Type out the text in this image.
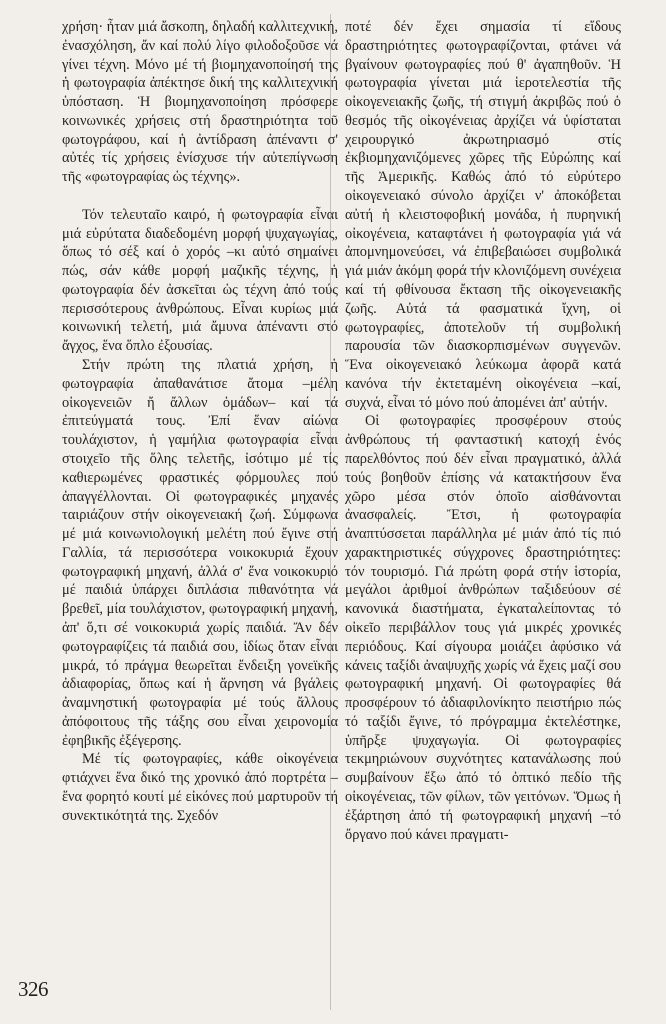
326

χρήση· ἦταν μιά ἄσκοπη, δηλαδή καλλιτεχνική, ἐνασχόληση, ἄν καί πολύ λίγο φιλοδοξοῦσε νά γίνει τέχνη. Μόνο μέ τή βιομηχανοποίησή της ἡ φωτογραφία ἀπέκτησε δική της καλλιτεχνική ὑπόσταση. Ἡ βιομηχανοποίηση πρόσφερε κοινωνικές χρήσεις στή δραστηριότητα τοῦ φωτογράφου, καί ἡ ἀντίδραση ἀπέναντι σ' αὐτές τίς χρήσεις ἐνίσχυσε τήν αὐτεπίγνωση τῆς «φωτογραφίας ὡς τέχνης».

Τόν τελευταῖο καιρό, ἡ φωτογραφία εἶναι μιά εὐρύτατα διαδεδομένη μορφή ψυχαγωγίας, ὅπως τό σέξ καί ὁ χορός –κι αὐτό σημαίνει πώς, σάν κάθε μορφή μαζικῆς τέχνης, ἡ φωτογραφία δέν ἀσκεῖται ὡς τέχνη ἀπό τούς περισσότερους ἀνθρώπους. Εἶναι κυρίως μιά κοινωνική τελετή, μιά ἄμυνα ἀπέναντι στό ἄγχος, ἕνα ὅπλο ἐξουσίας.

Στήν πρώτη της πλατιά χρήση, ἡ φωτογραφία ἀπαθανάτισε ἄτομα –μέλη οἰκογενειῶν ἤ ἄλλων ὁμάδων– καί τά ἐπιτεύγματά τους. Ἐπί ἕναν αἰώνα τουλάχιστον, ἡ γαμήλια φωτογραφία εἶναι στοιχεῖο τῆς ὅλης τελετῆς, ἰσότιμο μέ τίς καθιερωμένες φραστικές φόρμουλες πού ἀπαγγέλλονται. Οἱ φωτογραφικές μηχανές ταιριάζουν στήν οἰκογενειακή ζωή. Σύμφωνα μέ μιά κοινωνιολογική μελέτη πού ἔγινε στή Γαλλία, τά περισσότερα νοικοκυριά ἔχουν φωτογραφική μηχανή, ἀλλά σ' ἕνα νοικοκυριό μέ παιδιά ὑπάρχει διπλάσια πιθανότητα νά βρεθεῖ, μία τουλάχιστον, φωτογραφική μηχανή, ἀπ' ὅ,τι σέ νοικοκυριά χωρίς παιδιά. Ἄν δέν φωτογραφίζεις τά παιδιά σου, ἰδίως ὅταν εἶναι μικρά, τό πράγμα θεωρεῖται ἔνδειξη γονεϊκῆς ἀδιαφορίας, ὅπως καί ἡ ἄρνηση νά βγάλεις ἀναμνηστική φωτογραφία μέ τούς ἄλλους ἀπόφοιτους τῆς τάξης σου εἶναι χειρονομία ἐφηβικῆς ἐξέγερσης.

Μέ τίς φωτογραφίες, κάθε οἰκογένεια φτιάχνει ἕνα δικό της χρονικό ἀπό πορτρέτα –ἕνα φορητό κουτί μέ εἰκόνες πού μαρτυροῦν τή συνεκτικότητά της. Σχεδόν

ποτέ δέν ἔχει σημασία τί εἴδους δραστηριότητες φωτογραφίζονται, φτάνει νά βγαίνουν φωτογραφίες πού θ' ἀγαπηθοῦν. Ἡ φωτογραφία γίνεται μιά ἱεροτελεστία τῆς οἰκογενειακῆς ζωῆς, τή στιγμή ἀκριβῶς πού ὁ θεσμός τῆς οἰκογένειας ἀρχίζει νά ὑφίσταται χειρουργικό ἀκρωτηριασμό στίς ἐκβιομηχανιζόμενες χῶρες τῆς Εὐρώπης καί τῆς Ἀμερικῆς. Καθώς ἀπό τό εὐρύτερο οἰκογενειακό σύνολο ἀρχίζει ν' ἀποκόβεται αὐτή ἡ κλειστοφοβική μονάδα, ἡ πυρηνική οἰκογένεια, καταφτάνει ἡ φωτογραφία γιά νά ἀπομνημονεύσει, νά ἐπιβεβαιώσει συμβολικά γιά μιάν ἀκόμη φορά τήν κλονιζόμενη συνέχεια καί τή φθίνουσα ἔκταση τῆς οἰκογενειακῆς ζωῆς. Αὐτά τά φασματικά ἴχνη, οἱ φωτογραφίες, ἀποτελοῦν τή συμβολική παρουσία τῶν διασκορπισμένων συγγενῶν. Ἕνα οἰκογενειακό λεύκωμα ἀφορᾶ κατά κανόνα τήν ἐκτεταμένη οἰκογένεια –καί, συχνά, εἶναι τό μόνο πού ἀπομένει ἀπ' αὐτήν.

Οἱ φωτογραφίες προσφέρουν στούς ἀνθρώπους τή φανταστική κατοχή ἑνός παρελθόντος πού δέν εἶναι πραγματικό, ἀλλά τούς βοηθοῦν ἐπίσης νά κατακτήσουν ἕνα χῶρο μέσα στόν ὁποῖο αἰσθάνονται ἀνασφαλείς. Ἔτσι, ἡ φωτογραφία ἀναπτύσσεται παράλληλα μέ μιάν ἀπό τίς πιό χαρακτηριστικές σύγχρονες δραστηριότητες: τόν τουρισμό. Γιά πρώτη φορά στήν ἱστορία, μεγάλοι ἀριθμοί ἀνθρώπων ταξιδεύουν σέ κανονικά διαστήματα, ἐγκαταλείποντας τό οἰκεῖο περιβάλλον τους γιά μικρές χρονικές περιόδους. Καί σίγουρα μοιάζει ἀφύσικο νά κάνεις ταξίδι ἀναψυχῆς χωρίς νά ἔχεις μαζί σου φωτογραφική μηχανή. Οἱ φωτογραφίες θά προσφέρουν τό ἀδιαφιλονίκητο πειστήριο πώς τό ταξίδι ἔγινε, τό πρόγραμμα ἐκτελέστηκε, ὑπῆρξε ψυχαγωγία. Οἱ φωτογραφίες τεκμηριώνουν συχνότητες κατανάλωσης πού συμβαίνουν ἔξω ἀπό τό ὀπτικό πεδίο τῆς οἰκογένειας, τῶν φίλων, τῶν γειτόνων. Ὅμως ἡ ἐξάρτηση ἀπό τή φωτογραφική μηχανή –τό ὄργανο πού κάνει πραγματι-
